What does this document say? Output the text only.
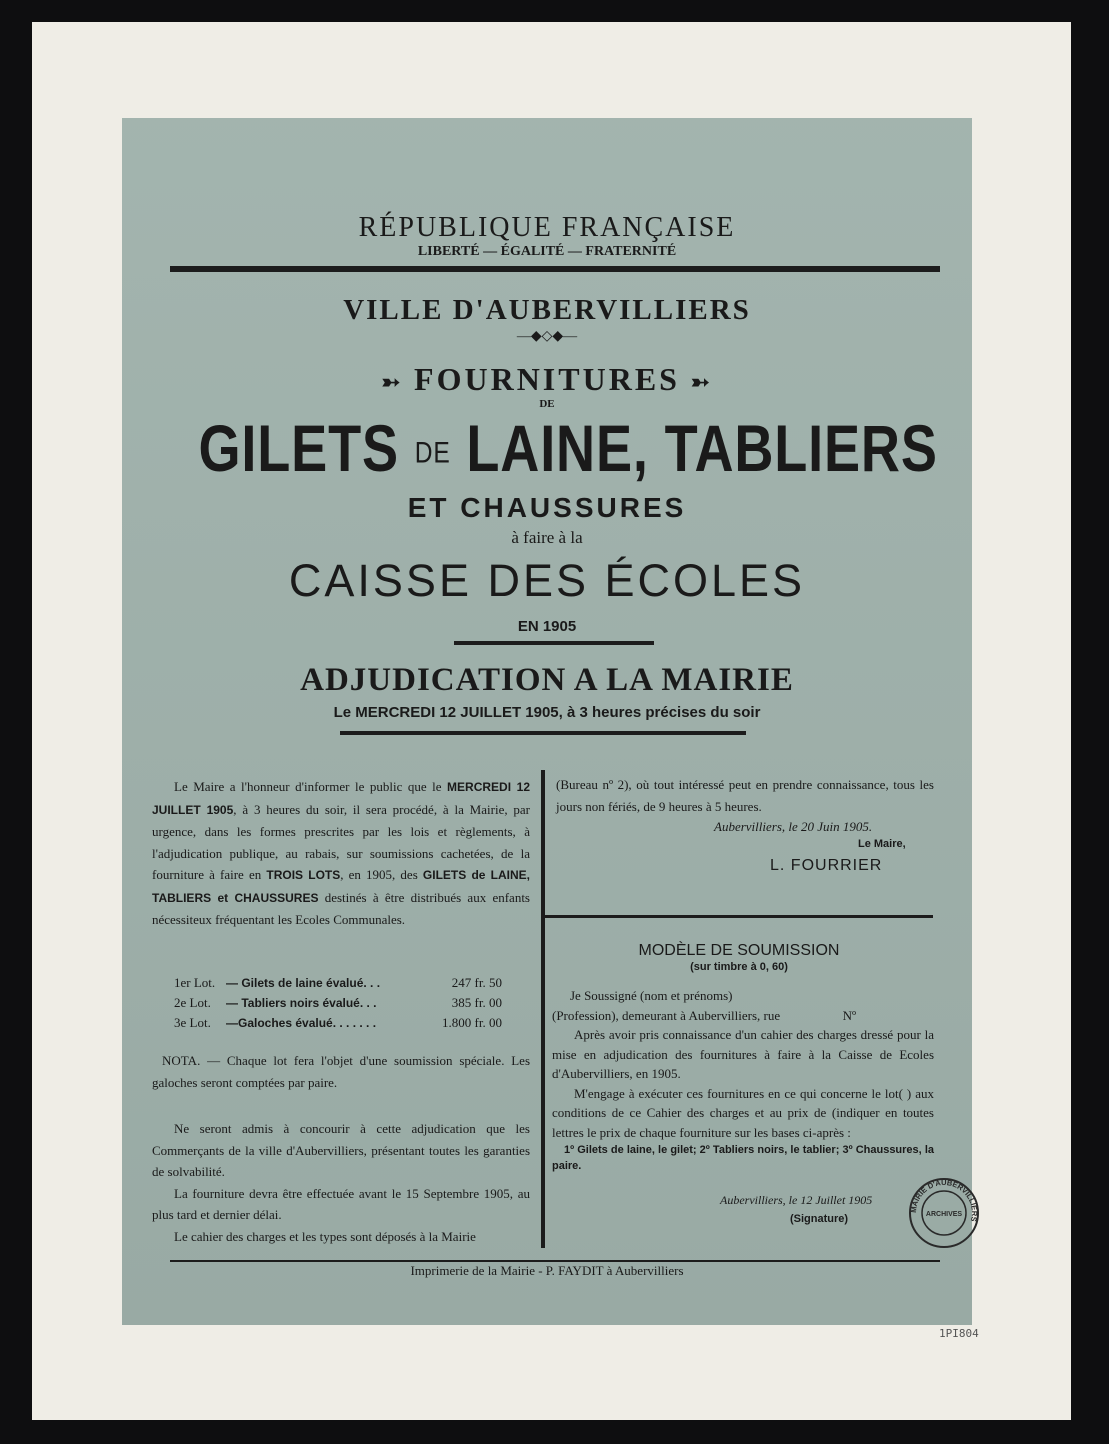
RÉPUBLIQUE FRANÇAISE
LIBERTÉ — ÉGALITÉ — FRATERNITÉ
VILLE D'AUBERVILLIERS
—◆◇◆—
➳ FOURNITURES ➳
DE
GILETS DE LAINE, TABLIERS
ET CHAUSSURES
à faire à la
CAISSE DES ÉCOLES
EN 1905
ADJUDICATION A LA MAIRIE
Le MERCREDI 12 JUILLET 1905, à 3 heures précises du soir

Le Maire a l'honneur d'informer le public que le MERCREDI 12 JUILLET 1905, à 3 heures du soir, il sera procédé, à la Mairie, par urgence, dans les formes prescrites par les lois et règlements, à l'adjudication publique, au rabais, sur soumissions cachetées, de la fourniture à faire en TROIS LOTS, en 1905, des GILETS de LAINE, TABLIERS et CHAUSSURES destinés à être distribués aux enfants nécessiteux fréquentant les Ecoles Communales.

1er Lot. — Gilets de laine évalué. . .	247 fr. 50
2e Lot.	— Tabliers noirs évalué. . .	385 fr. 00
3e Lot.	—Galoches évalué. . . . . . .	1.800 fr. 00

NOTA. — Chaque lot fera l'objet d'une soumission spéciale. Les galoches seront comptées par paire.

Ne seront admis à concourir à cette adjudication que les Commerçants de la ville d'Aubervilliers, présentant toutes les garanties de solvabilité.

La fourniture devra être effectuée avant le 15 Septembre 1905, au plus tard et dernier délai.

Le cahier des charges et les types sont déposés à la Mairie

(Bureau nº 2), où tout intéressé peut en prendre connaissance, tous les jours non fériés, de 9 heures à 5 heures.

Aubervilliers, le 20 Juin 1905.
Le Maire,
L. FOURRIER
MODÈLE DE SOUMISSION
(sur timbre à 0, 60)

Je Soussigné (nom et prénoms)

(Profession), demeurant à Aubervilliers, rue	Nº

Après avoir pris connaissance d'un cahier des charges dressé pour la mise en adjudication des fournitures à faire à la Caisse de Ecoles d'Aubervilliers, en 1905.

M'engage à exécuter ces fournitures en ce qui concerne le lot( ) aux conditions de ce Cahier des charges et au prix de (indiquer en toutes lettres le prix de chaque fourniture sur les bases ci-après :

1º Gilets de laine, le gilet; 2º Tabliers noirs, le tablier; 3º Chaussures, la paire.

Aubervilliers, le 12 Juillet 1905
(Signature)
MAIRIE D'AUBERVILLIERS
ARCHIVES
Imprimerie de la Mairie - P. FAYDIT à Aubervilliers
1PI804
